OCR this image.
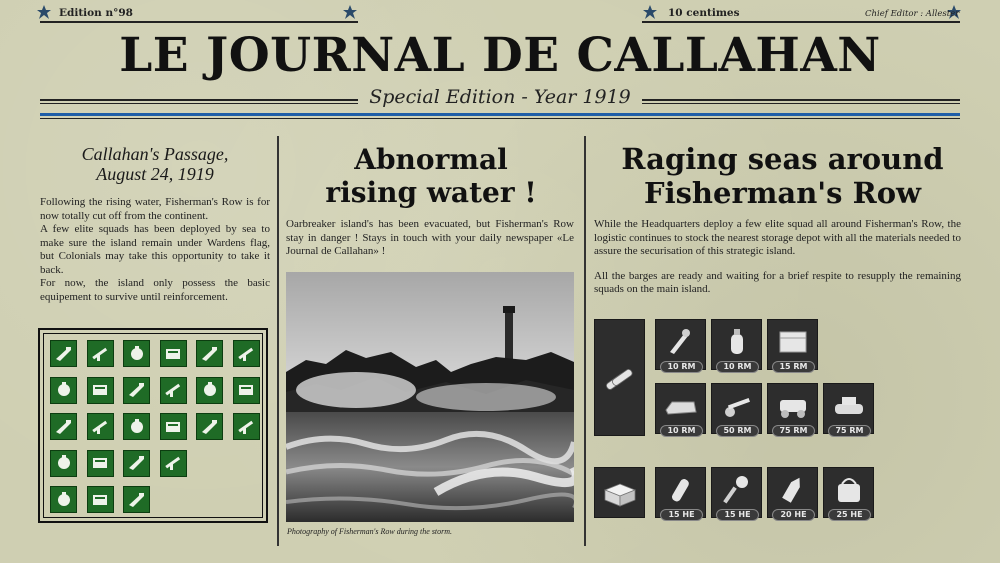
Edition n°98	10 centimes	Chief Editor : Allester
LE JOURNAL DE CALLAHAN
Special Edition - Year 1919
Callahan's Passage,
August 24, 1919
Following the rising water, Fisherman's Row is for now totally cut off from the continent.
A few elite squads has been deployed by sea to make sure the island remain under Wardens flag, but Colonials may take this opportunity to take it back.
For now, the island only possess the basic equipement to survive until reinforcement.
Abnormal
rising water !
Oarbreaker island's has been evacuated, but Fisherman's Row stay in danger ! Stays in touch with your daily newspaper «Le Journal de Callahan» !
Photography of Fisherman's Row during the storm.
Raging seas around
Fisherman's Row
While the Headquarters deploy a few elite squad all around Fisherman's Row, the logistic continues to stock the nearest storage depot with all the materials needed to assure the securisation of this strategic island.
All the barges are ready and waiting for a brief respite to resupply the remaining squads on the main island.
10 RM	10 RM	15 RM
10 RM	50 RM	75 RM	75 RM
15 HE	15 HE	20 HE	25 HE
